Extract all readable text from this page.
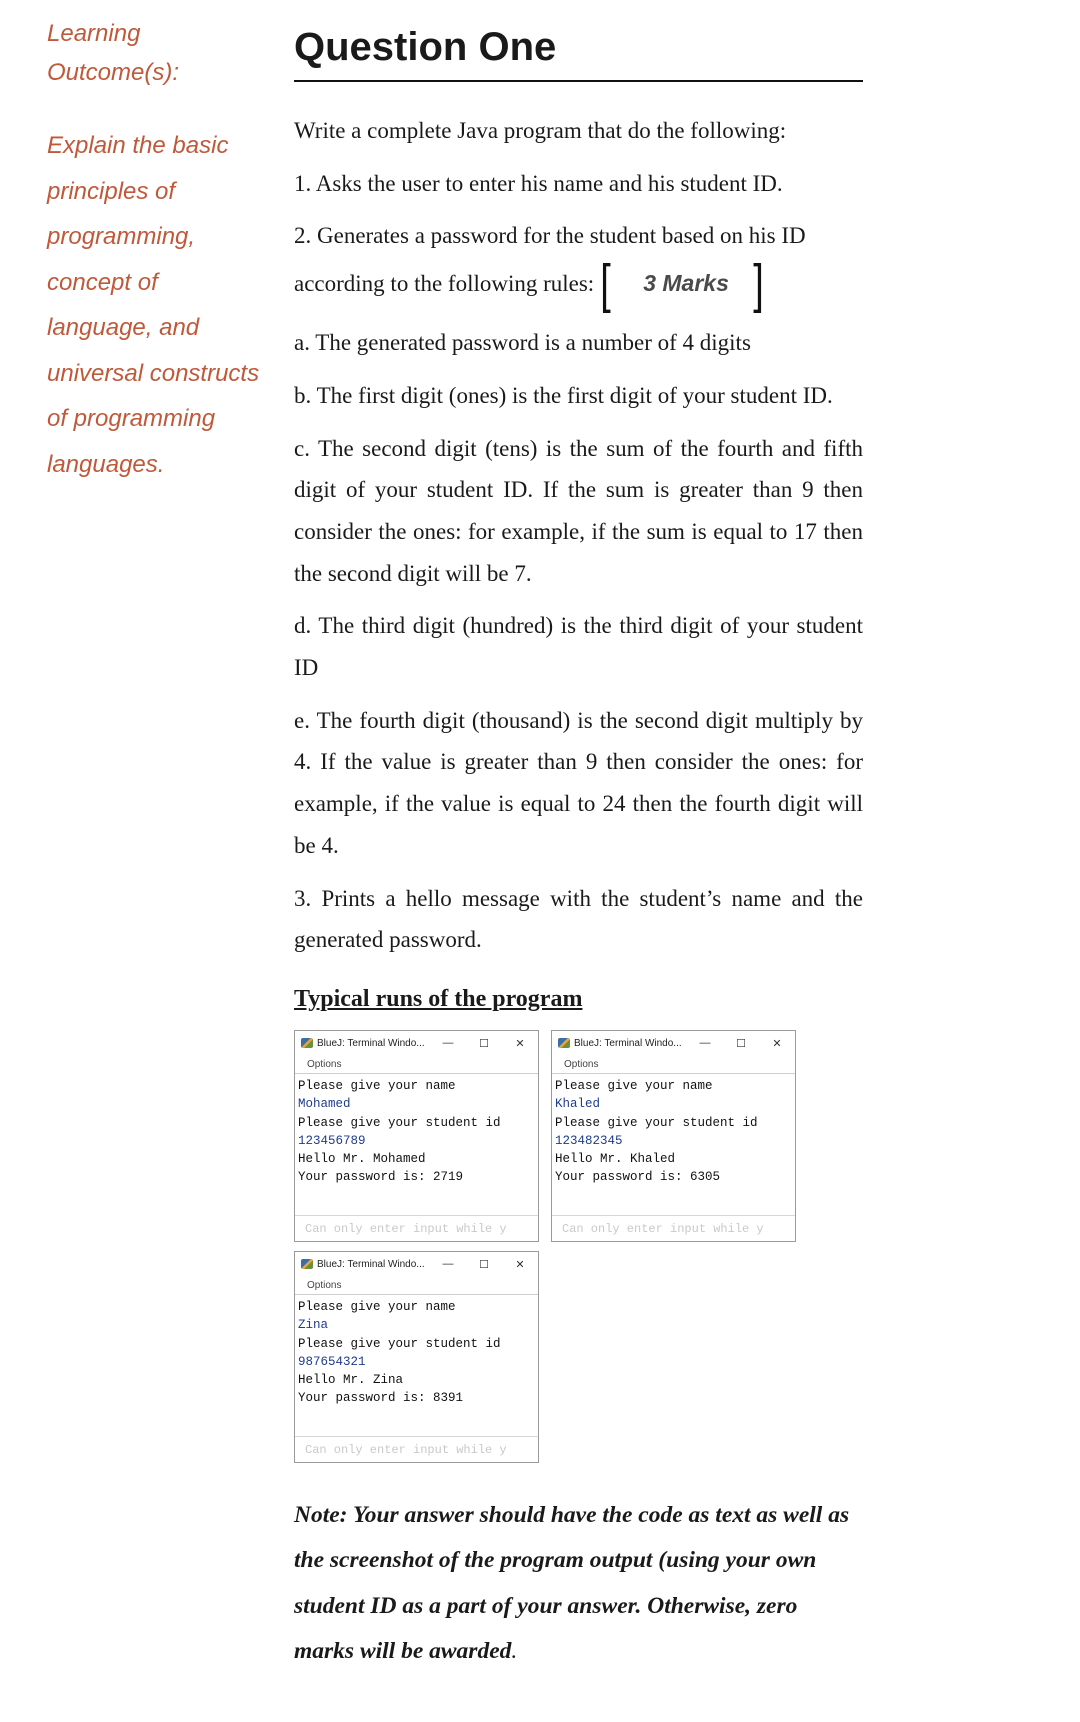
Learning
Outcome(s):
Explain the basic
principles of
programming,
concept of
language, and
universal constructs
of programming
languages.
Question One
Write a complete Java program that do the following:
1. Asks the user to enter his name and his student ID.
2. Generates a password for the student based on his ID
according to the following rules: [	3 Marks ]
a. The generated password is a number of 4 digits
b. The first digit (ones) is the first digit of your student ID.
c. The second digit (tens) is the sum of the fourth and fifth digit of your student ID. If the sum is greater than 9 then consider the ones: for example, if the sum is equal to 17 then the second digit will be 7.
d. The third digit (hundred) is the third digit of your student ID
e. The fourth digit (thousand) is the second digit multiply by 4. If the value is greater than 9 then consider the ones: for example, if the value is equal to 24 then the fourth digit will be 4.
3. Prints a hello message with the student’s name and the generated password.
Typical runs of the program
BlueJ: Terminal Windo...	—	☐	✕
Options
Please give your name
Mohamed
Please give your student id
123456789
Hello Mr. Mohamed
Your password is: 2719
Can only enter input while y
BlueJ: Terminal Windo...	—	☐	✕
Options
Please give your name
Khaled
Please give your student id
123482345
Hello Mr. Khaled
Your password is: 6305
Can only enter input while y
BlueJ: Terminal Windo...	—	☐	✕
Options
Please give your name
Zina
Please give your student id
987654321
Hello Mr. Zina
Your password is: 8391
Can only enter input while y
Note: Your answer should have the code as text as well as the screenshot of the program output (using your own student ID as a part of your answer. Otherwise, zero marks will be awarded.
